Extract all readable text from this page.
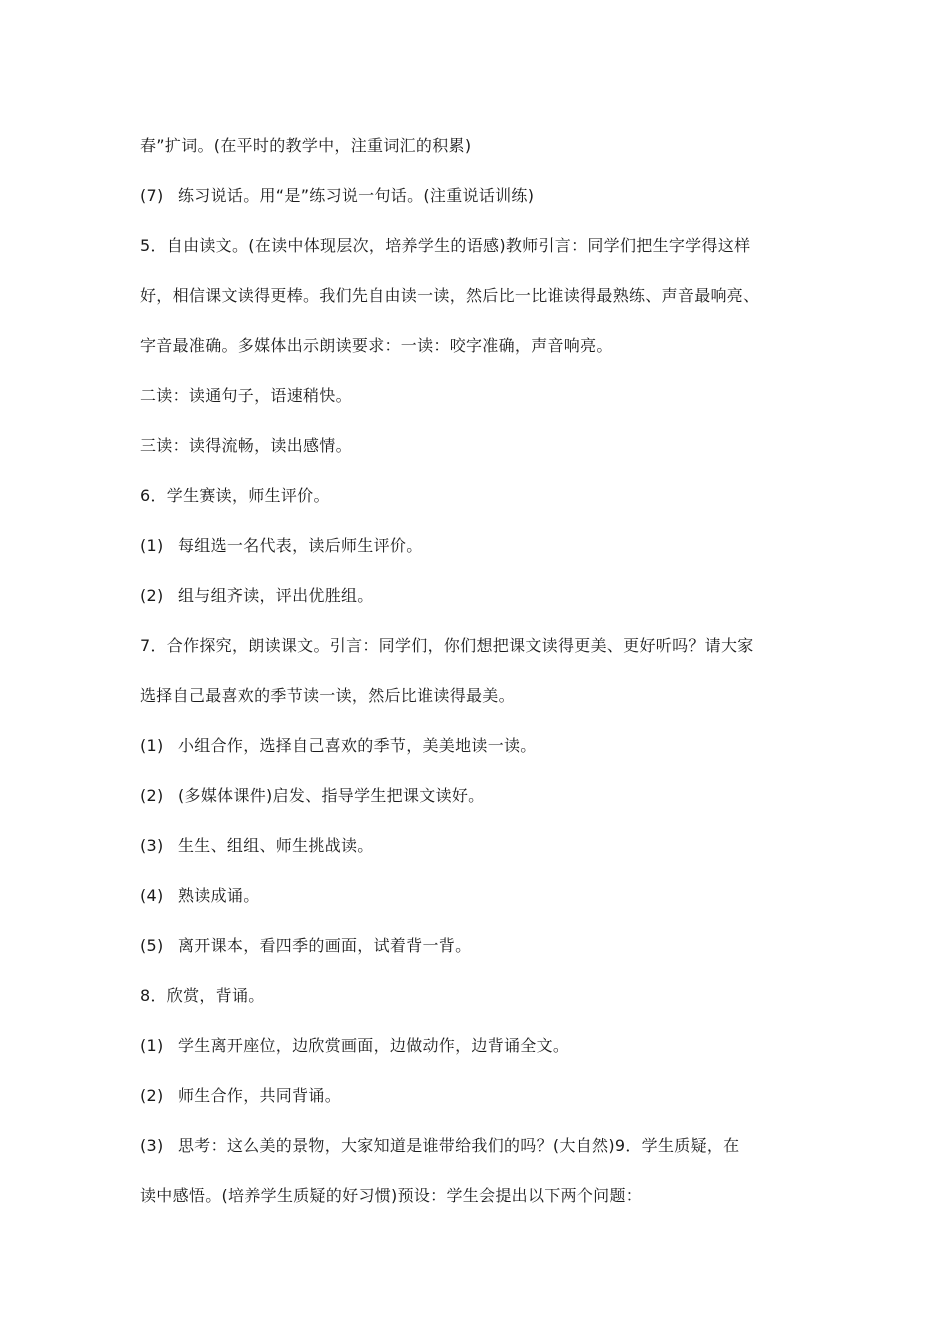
春”扩词。(在平时的教学中，注重词汇的积累)
(7) 练习说话。用“是”练习说一句话。(注重说话训练)
5．自由读文。(在读中体现层次，培养学生的语感)教师引言：同学们把生字学得这样
好，相信课文读得更棒。我们先自由读一读，然后比一比谁读得最熟练、声音最响亮、
字音最准确。多媒体出示朗读要求：一读：咬字准确，声音响亮。
二读：读通句子，语速稍快。
三读：读得流畅，读出感情。
6．学生赛读，师生评价。
(1) 每组选一名代表，读后师生评价。
(2) 组与组齐读，评出优胜组。
7．合作探究，朗读课文。引言：同学们，你们想把课文读得更美、更好听吗？请大家
选择自己最喜欢的季节读一读，然后比谁读得最美。
(1) 小组合作，选择自己喜欢的季节，美美地读一读。
(2) (多媒体课件)启发、指导学生把课文读好。
(3) 生生、组组、师生挑战读。
(4) 熟读成诵。
(5) 离开课本，看四季的画面，试着背一背。
8．欣赏，背诵。
(1) 学生离开座位，边欣赏画面，边做动作，边背诵全文。
(2) 师生合作，共同背诵。
(3) 思考：这么美的景物，大家知道是谁带给我们的吗？(大自然)9．学生质疑，在
读中感悟。(培养学生质疑的好习惯)预设：学生会提出以下两个问题：
